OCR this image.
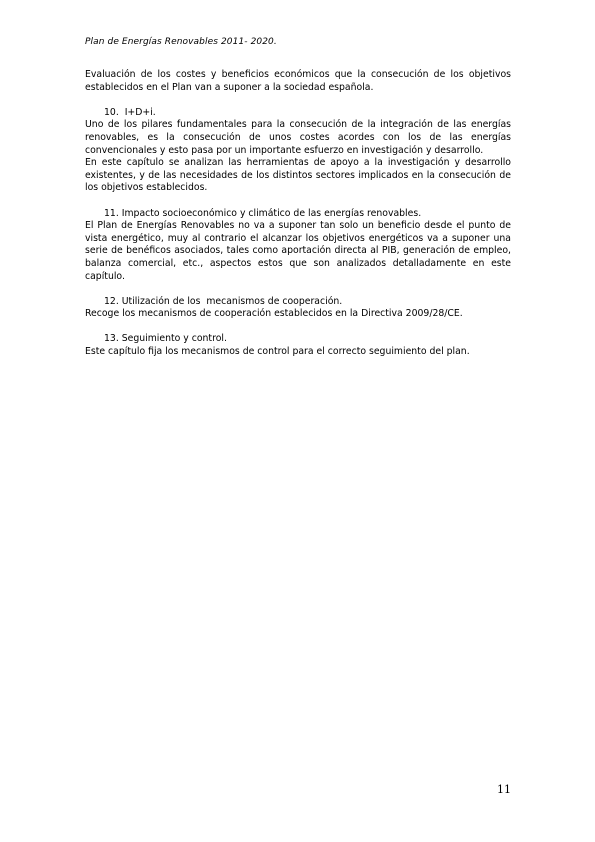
Plan de Energías Renovables 2011- 2020.

Evaluación de los costes y beneficios económicos que la consecución de los objetivos establecidos en el Plan van a suponer a la sociedad española.

10.  I+D+i.

Uno de los pilares fundamentales para la consecución de la integración de las energías renovables, es la consecución de unos costes acordes con los de las energías convencionales y esto pasa por un importante esfuerzo en investigación y desarrollo.

En este capítulo se analizan las herramientas de apoyo a la investigación y desarrollo existentes, y de las necesidades de los distintos sectores implicados en la consecución de los objetivos establecidos.

11. Impacto socioeconómico y climático de las energías renovables.

El Plan de Energías Renovables no va a suponer tan solo un beneficio desde el punto de vista energético, muy al contrario el alcanzar los objetivos energéticos va a suponer una serie de benéficos asociados, tales como aportación directa al PIB, generación de empleo, balanza comercial, etc., aspectos estos que son analizados detalladamente en este capítulo.

12. Utilización de los  mecanismos de cooperación.

Recoge los mecanismos de cooperación establecidos en la Directiva 2009/28/CE.

13. Seguimiento y control.

Este capítulo fija los mecanismos de control para el correcto seguimiento del plan.

11
